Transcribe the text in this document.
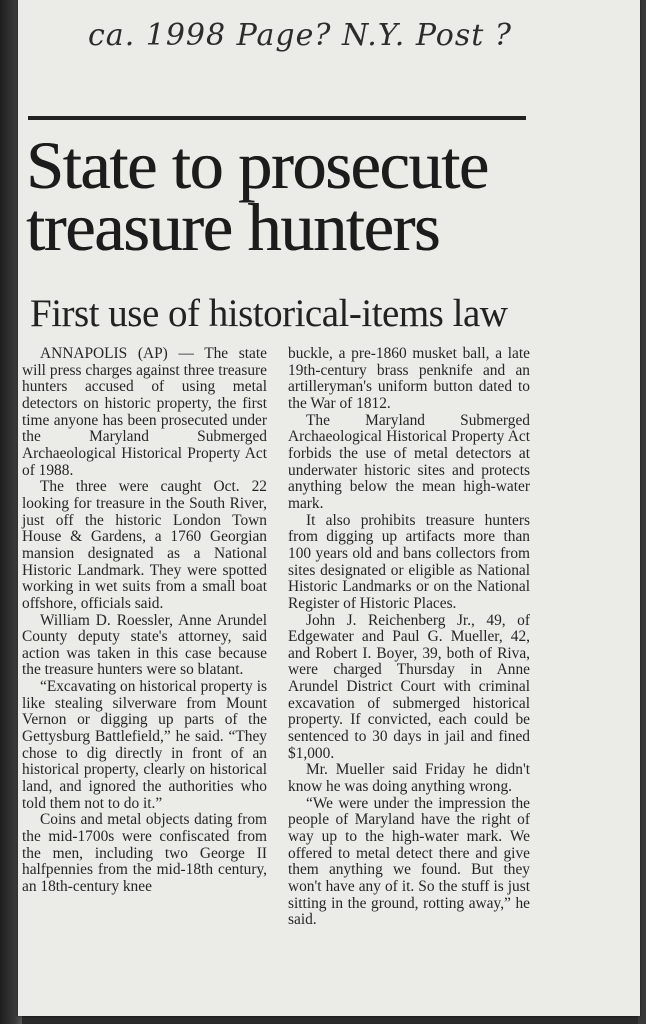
ca. 1998 Page? N.Y. Post ?
State to prosecute treasure hunters
First use of historical-items law

ANNAPOLIS (AP) — The state will press charges against three treasure hunters accused of using metal detectors on historic property, the first time anyone has been prosecuted under the Maryland Submerged Archaeological Historical Property Act of 1988.

The three were caught Oct. 22 looking for treasure in the South River, just off the historic London Town House & Gardens, a 1760 Georgian mansion designated as a National Historic Landmark. They were spotted working in wet suits from a small boat offshore, officials said.

William D. Roessler, Anne Arundel County deputy state's attorney, said action was taken in this case because the treasure hunters were so blatant.

“Excavating on historical property is like stealing silverware from Mount Vernon or digging up parts of the Gettysburg Battlefield,” he said. “They chose to dig directly in front of an historical property, clearly on historical land, and ignored the authorities who told them not to do it.”

Coins and metal objects dating from the mid-1700s were confiscated from the men, including two George II halfpennies from the mid-18th century, an 18th-century knee

buckle, a pre-1860 musket ball, a late 19th-century brass penknife and an artilleryman's uniform button dated to the War of 1812.

The Maryland Submerged Archaeological Historical Property Act forbids the use of metal detectors at underwater historic sites and protects anything below the mean high-water mark.

It also prohibits treasure hunters from digging up artifacts more than 100 years old and bans collectors from sites designated or eligible as National Historic Landmarks or on the National Register of Historic Places.

John J. Reichenberg Jr., 49, of Edgewater and Paul G. Mueller, 42, and Robert I. Boyer, 39, both of Riva, were charged Thursday in Anne Arundel District Court with criminal excavation of submerged historical property. If convicted, each could be sentenced to 30 days in jail and fined $1,000.

Mr. Mueller said Friday he didn't know he was doing anything wrong.

“We were under the impression the people of Maryland have the right of way up to the high-water mark. We offered to metal detect there and give them anything we found. But they won't have any of it. So the stuff is just sitting in the ground, rotting away,” he said.
